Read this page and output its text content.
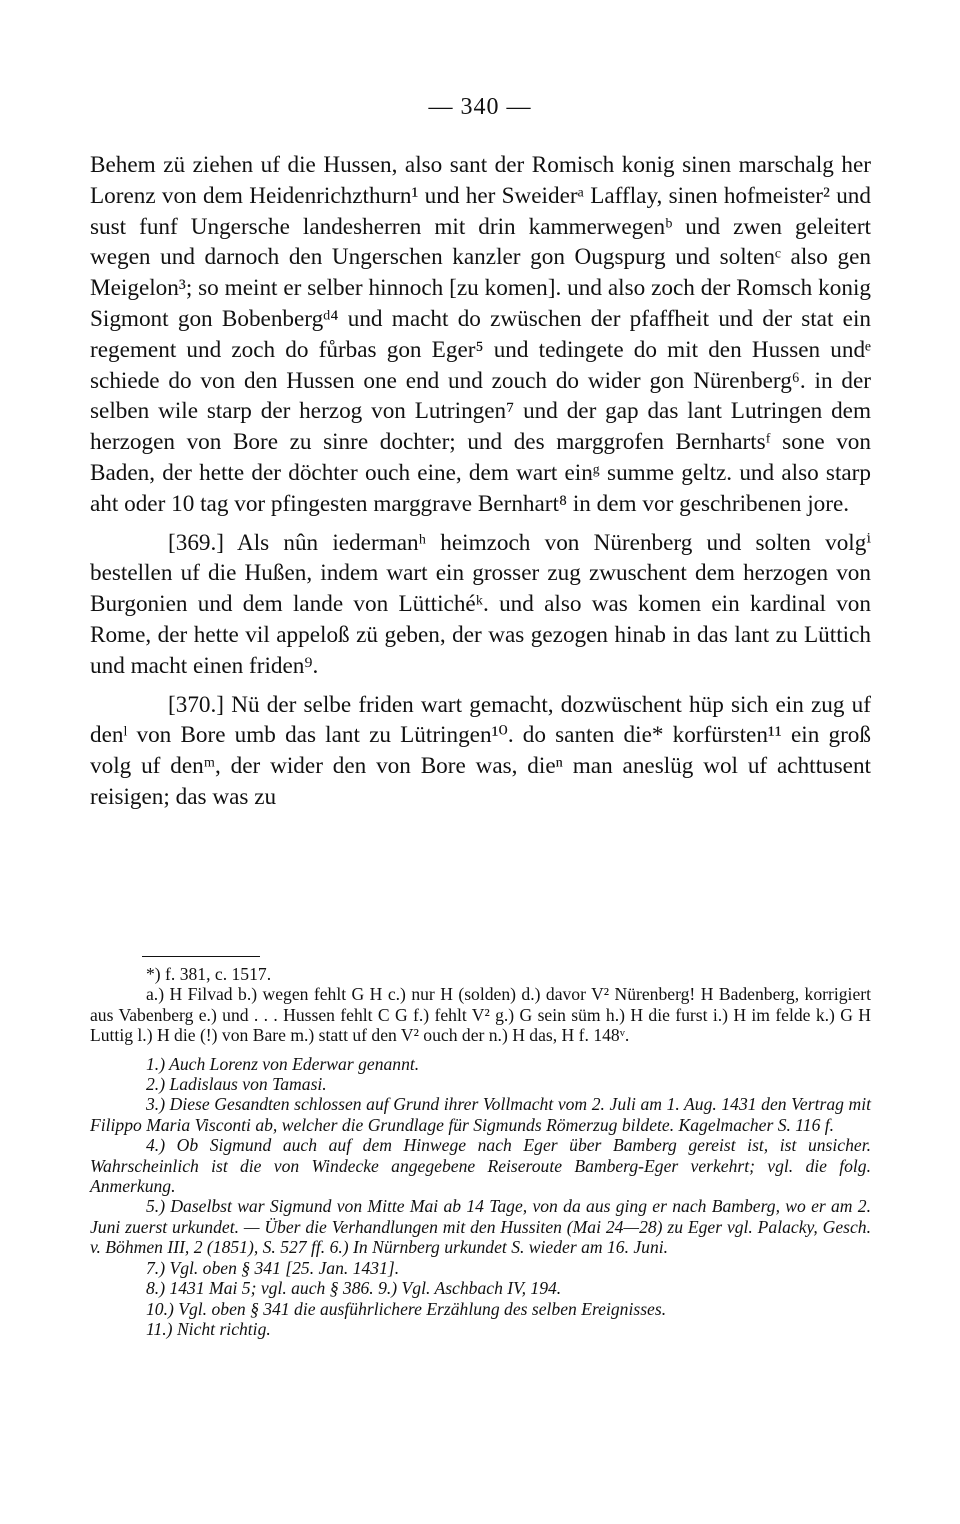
— 340 —

Behem zü ziehen uf die Hussen, also sant der Romisch konig sinen marschalg her Lorenz von dem Heidenrichzthurn¹ und her Sweiderᵃ Lafflay, sinen hofmeister² und sust funf Ungersche landesherren mit drin kammerwegenᵇ und zwen geleitert wegen und darnoch den Ungerschen kanzler gon Ougspurg und soltenᶜ also gen Meigelon³; so meint er selber hinnoch [zu komen]. und also zoch der Romsch konig Sigmont gon Bobenbergᵈ⁴ und macht do zwüschen der pfaffheit und der stat ein regement und zoch do fůrbas gon Eger⁵ und tedingete do mit den Hussen undᵉ schiede do von den Hussen one end und zouch do wider gon Nürenberg⁶. in der selben wile starp der herzog von Lutringen⁷ und der gap das lant Lutringen dem herzogen von Bore zu sinre dochter; und des marggrofen Bernhartsᶠ sone von Baden, der hette der döchter ouch eine, dem wart einᵍ summe geltz. und also starp aht oder 10 tag vor pfingesten marggrave Bernhart⁸ in dem vor geschribenen jore.

[369.] Als nûn iedermanʰ heimzoch von Nürenberg und solten volgⁱ bestellen uf die Hußen, indem wart ein grosser zug zwuschent dem herzogen von Burgonien und dem lande von Lüttichéᵏ. und also was komen ein kardinal von Rome, der hette vil appeloß zü geben, der was gezogen hinab in das lant zu Lüttich und macht einen friden⁹.

[370.] Nü der selbe friden wart gemacht, dozwüschent hüp sich ein zug uf denˡ von Bore umb das lant zu Lütringen¹⁰. do santen die* korfürsten¹¹ ein groß volg uf denᵐ, der wider den von Bore was, dieⁿ man aneslüg wol uf achttusent reisigen; das was zu

*) f. 381, c. 1517.

a.) H Filvad b.) wegen fehlt G H c.) nur H (solden) d.) davor V² Nürenberg! H Badenberg, korrigiert aus Vabenberg e.) und . . . Hussen fehlt C G f.) fehlt V² g.) G sein süm h.) H die furst i.) H im felde k.) G H Luttig l.) H die (!) von Bare m.) statt uf den V² ouch der n.) H das, H f. 148ᵛ.

1.) Auch Lorenz von Ederwar genannt.

2.) Ladislaus von Tamasi.

3.) Diese Gesandten schlossen auf Grund ihrer Vollmacht vom 2. Juli am 1. Aug. 1431 den Vertrag mit Filippo Maria Visconti ab, welcher die Grundlage für Sigmunds Römerzug bildete. Kagelmacher S. 116 f.

4.) Ob Sigmund auch auf dem Hinwege nach Eger über Bamberg gereist ist, ist unsicher. Wahrscheinlich ist die von Windecke angegebene Reiseroute Bamberg-Eger verkehrt; vgl. die folg. Anmerkung.

5.) Daselbst war Sigmund von Mitte Mai ab 14 Tage, von da aus ging er nach Bamberg, wo er am 2. Juni zuerst urkundet. — Über die Verhandlungen mit den Hussiten (Mai 24—28) zu Eger vgl. Palacky, Gesch. v. Böhmen III, 2 (1851), S. 527 ff. 6.) In Nürnberg urkundet S. wieder am 16. Juni.

7.) Vgl. oben § 341 [25. Jan. 1431].

8.) 1431 Mai 5; vgl. auch § 386. 9.) Vgl. Aschbach IV, 194.

10.) Vgl. oben § 341 die ausführlichere Erzählung des selben Ereignisses.

11.) Nicht richtig.
